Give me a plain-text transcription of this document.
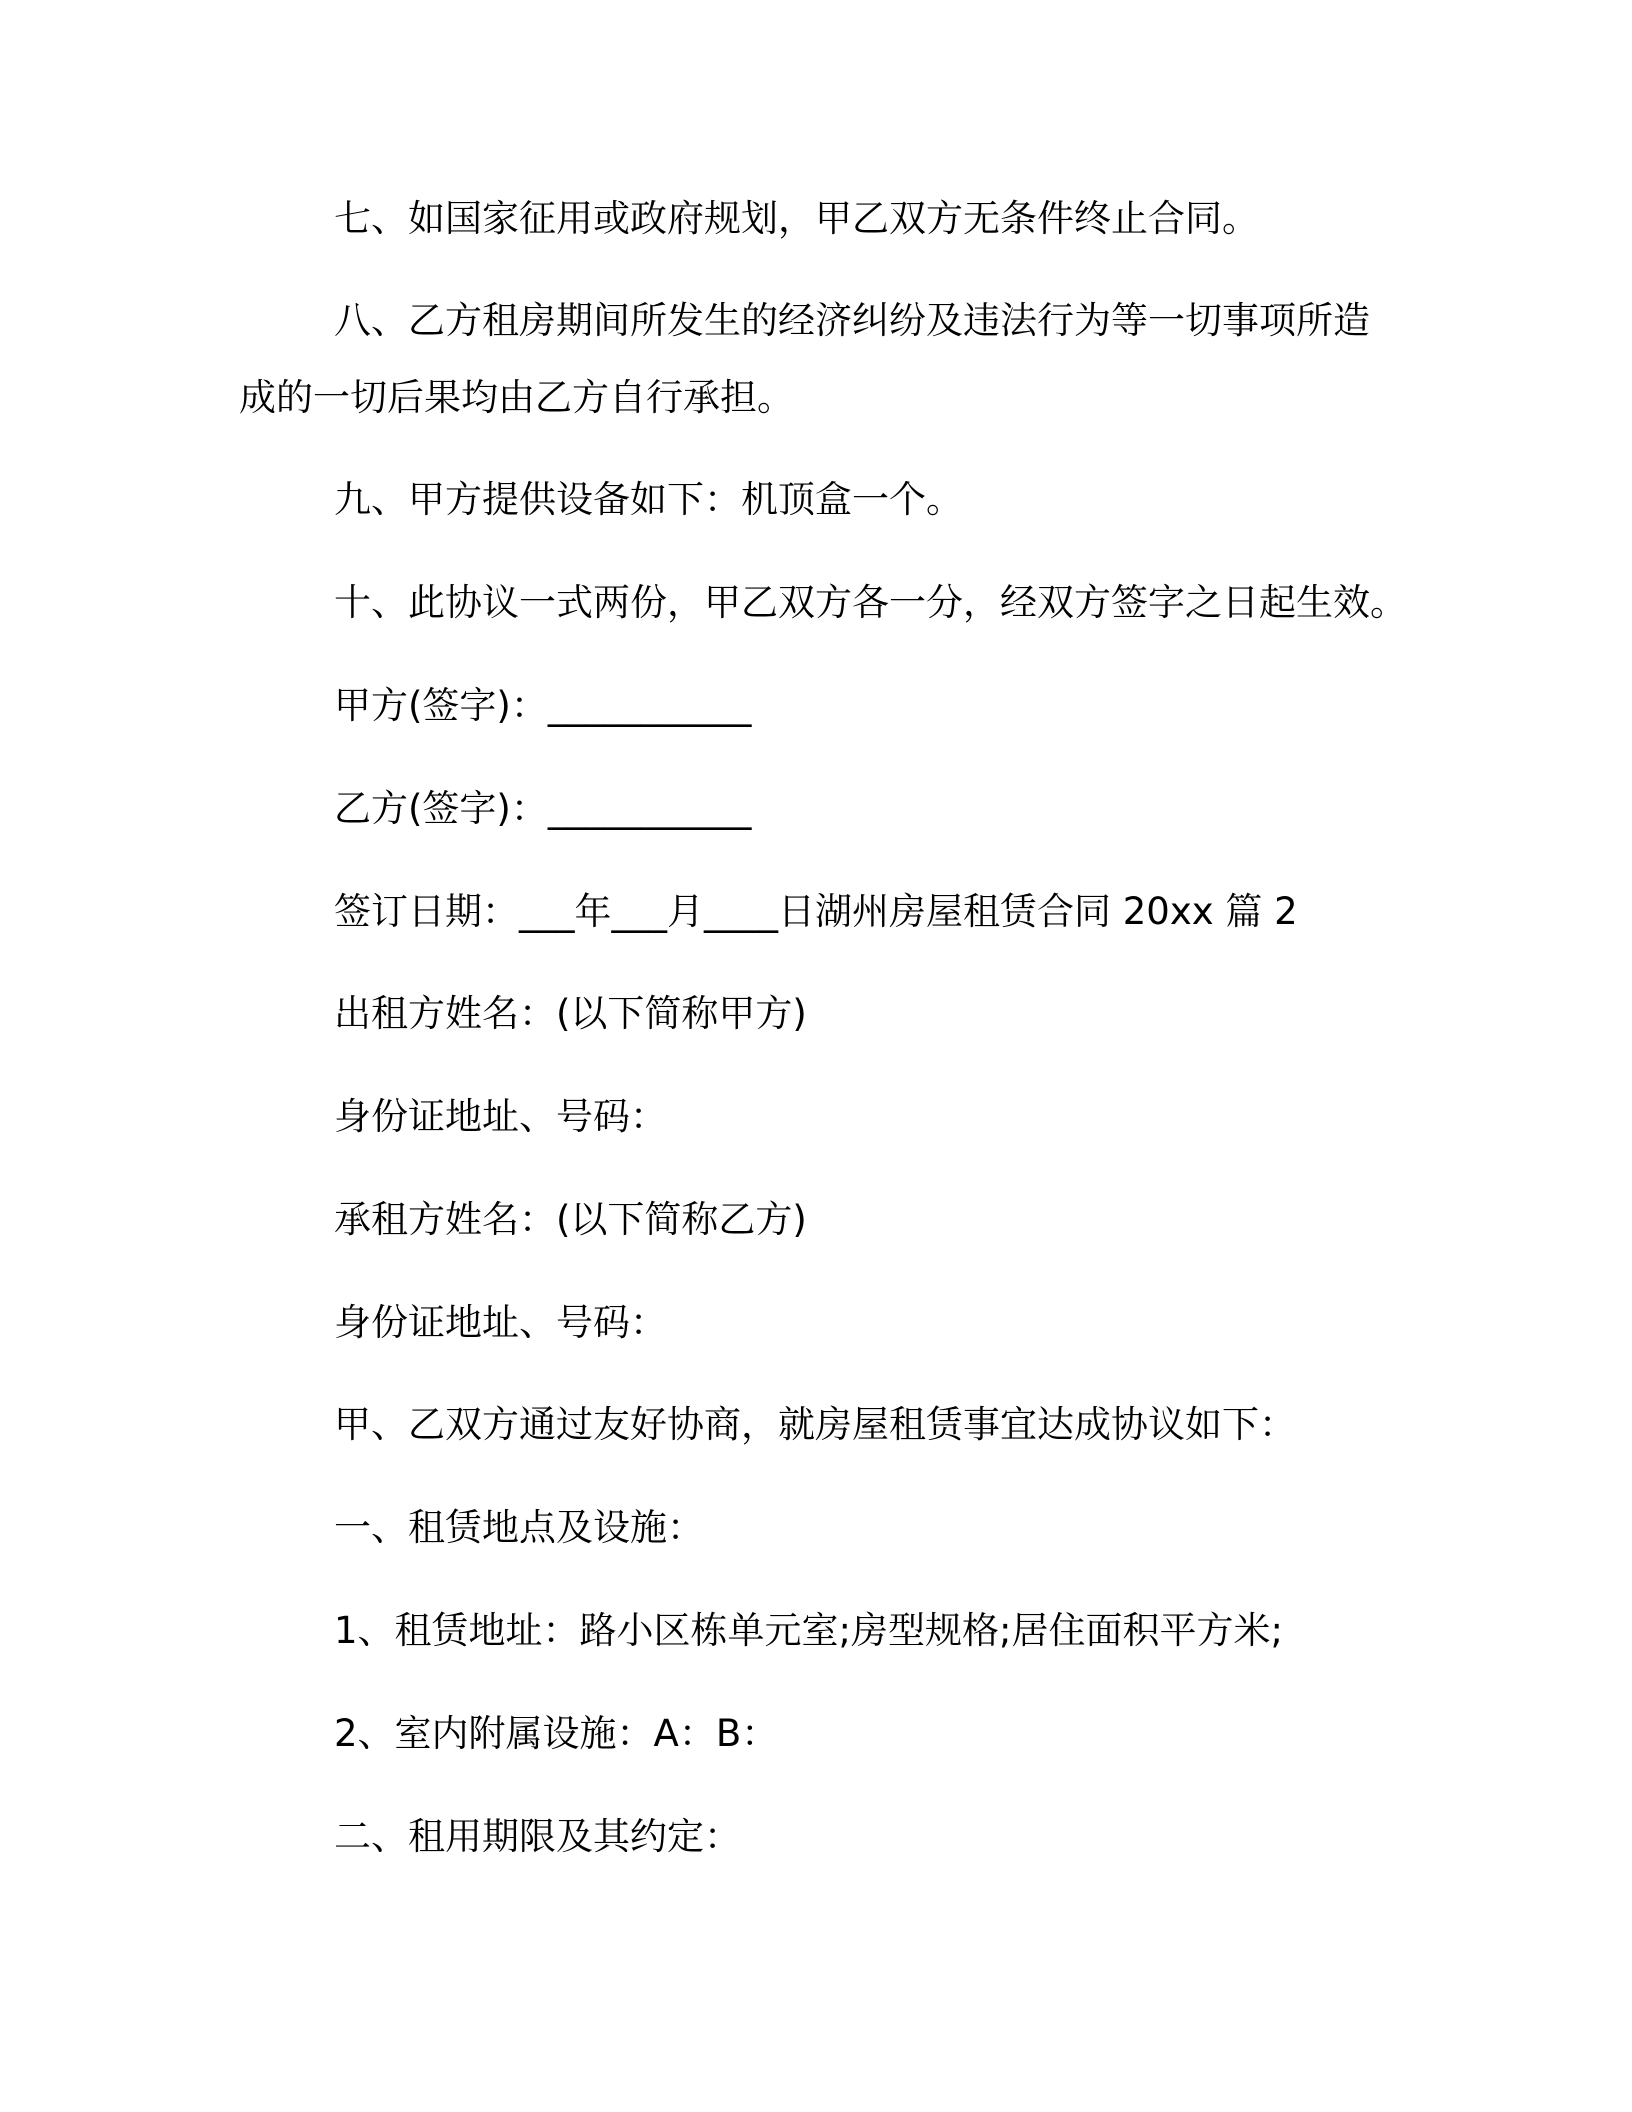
七、如国家征用或政府规划，甲乙双方无条件终止合同。

八、乙方租房期间所发生的经济纠纷及违法行为等一切事项所造

成的一切后果均由乙方自行承担。

九、甲方提供设备如下：机顶盒一个。

十、此协议一式两份，甲乙双方各一分，经双方签字之日起生效。

甲方(签字)：___________

乙方(签字)：___________

签订日期：___年___月____日湖州房屋租赁合同 20xx 篇 2

出租方姓名：(以下简称甲方)

身份证地址、号码：

承租方姓名：(以下简称乙方)

身份证地址、号码：

甲、乙双方通过友好协商，就房屋租赁事宜达成协议如下：

一、租赁地点及设施：

1、租赁地址：路小区栋单元室;房型规格;居住面积平方米;

2、室内附属设施：A：B：

二、租用期限及其约定：
